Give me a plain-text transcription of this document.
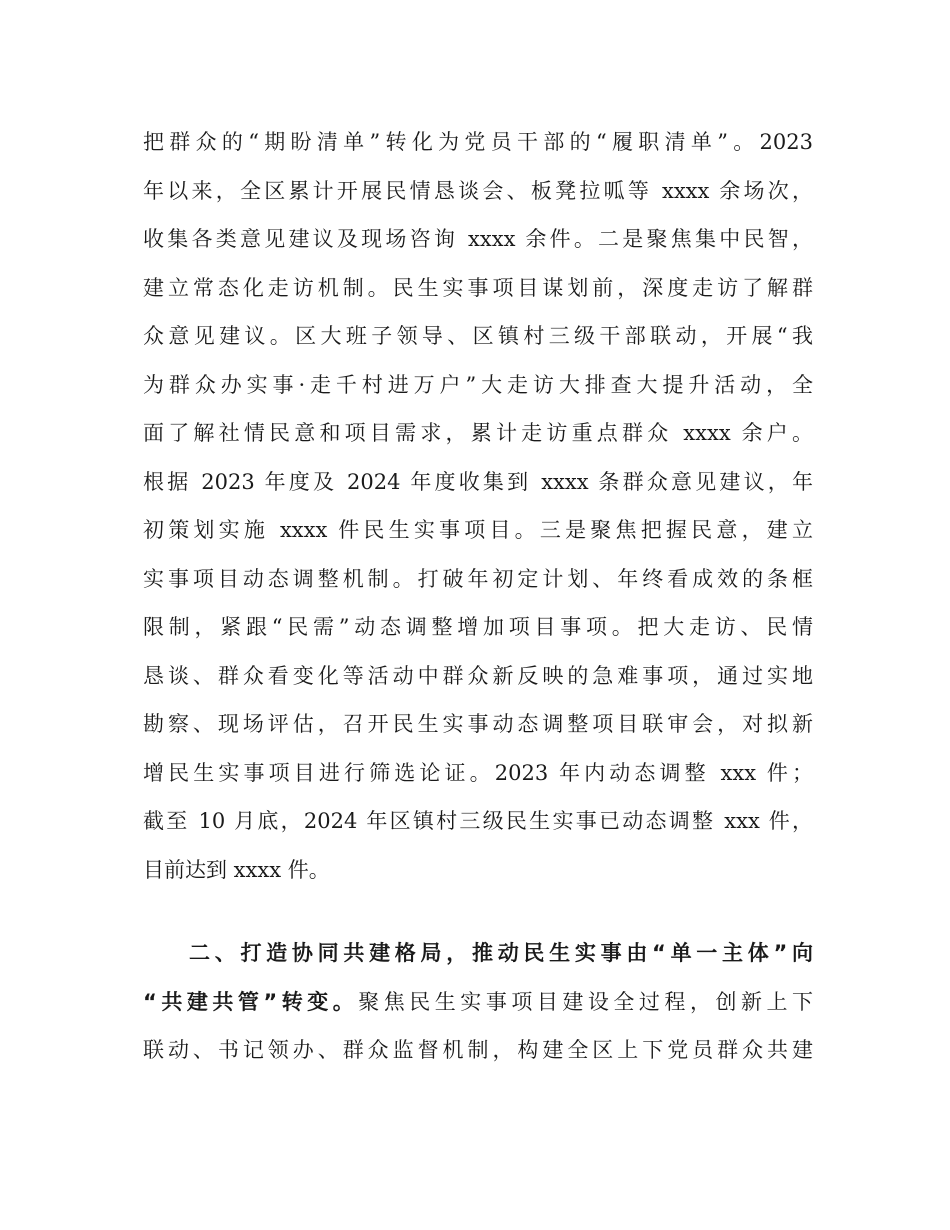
把群众的“期盼清单”转化为党员干部的“履职清单”。2023
年以来，全区累计开展民情恳谈会、板凳拉呱等 xxxx 余场次，
收集各类意见建议及现场咨询 xxxx 余件。二是聚焦集中民智，
建立常态化走访机制。民生实事项目谋划前，深度走访了解群
众意见建议。区大班子领导、区镇村三级干部联动，开展“我
为群众办实事·走千村进万户”大走访大排查大提升活动，全
面了解社情民意和项目需求，累计走访重点群众 xxxx 余户。
根据 2023 年度及 2024 年度收集到 xxxx 条群众意见建议，年
初策划实施 xxxx 件民生实事项目。三是聚焦把握民意，建立
实事项目动态调整机制。打破年初定计划、年终看成效的条框
限制，紧跟“民需”动态调整增加项目事项。把大走访、民情
恳谈、群众看变化等活动中群众新反映的急难事项，通过实地
勘察、现场评估，召开民生实事动态调整项目联审会，对拟新
增民生实事项目进行筛选论证。2023 年内动态调整 xxx 件；
截至 10 月底，2024 年区镇村三级民生实事已动态调整 xxx 件，
目前达到 xxxx 件。
二、打造协同共建格局，推动民生实事由“单一主体”向
“共建共管”转变。聚焦民生实事项目建设全过程，创新上下
联动、书记领办、群众监督机制，构建全区上下党员群众共建
